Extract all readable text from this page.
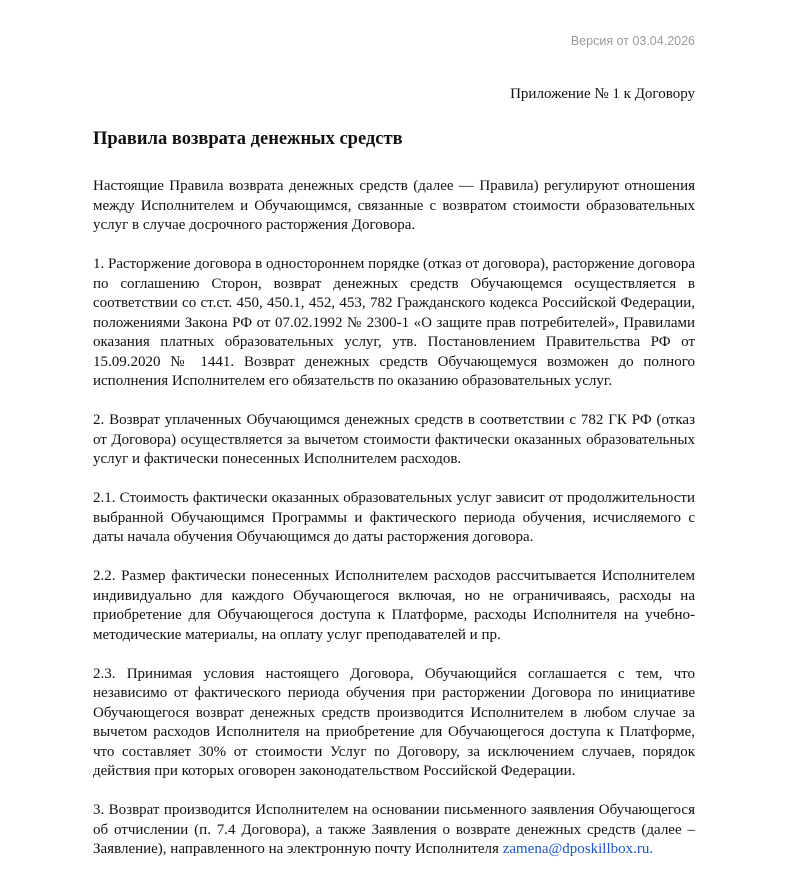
Версия от 03.04.2026

Приложение № 1 к Договору

Правила возврата денежных средств

Настоящие Правила возврата денежных средств (далее — Правила) регулируют отношения между Исполнителем и Обучающимся, связанные с возвратом стоимости образовательных услуг в случае досрочного расторжения Договора.

1. Расторжение договора в одностороннем порядке (отказ от договора), расторжение договора по соглашению Сторон, возврат денежных средств Обучающемся осуществляется в соответствии со ст.ст. 450, 450.1, 452, 453, 782 Гражданского кодекса Российской Федерации, положениями Закона РФ от 07.02.1992 № 2300-1 «О защите прав потребителей», Правилами оказания платных образовательных услуг, утв. Постановлением Правительства РФ от 15.09.2020 № 1441. Возврат денежных средств Обучающемуся возможен до полного исполнения Исполнителем его обязательств по оказанию образовательных услуг.

2. Возврат уплаченных Обучающимся денежных средств в соответствии с 782 ГК РФ (отказ от Договора) осуществляется за вычетом стоимости фактически оказанных образовательных услуг и фактически понесенных Исполнителем расходов.

2.1. Стоимость фактически оказанных образовательных услуг зависит от продолжительности выбранной Обучающимся Программы и фактического периода обучения, исчисляемого с даты начала обучения Обучающимся до даты расторжения договора.

2.2. Размер фактически понесенных Исполнителем расходов рассчитывается Исполнителем индивидуально для каждого Обучающегося включая, но не ограничиваясь, расходы на приобретение для Обучающегося доступа к Платформе, расходы Исполнителя на учебно-методические материалы, на оплату услуг преподавателей и пр.

2.3. Принимая условия настоящего Договора, Обучающийся соглашается с тем, что независимо от фактического периода обучения при расторжении Договора по инициативе Обучающегося возврат денежных средств производится Исполнителем в любом случае за вычетом расходов Исполнителя на приобретение для Обучающегося доступа к Платформе, что составляет 30% от стоимости Услуг по Договору, за исключением случаев, порядок действия при которых оговорен законодательством Российской Федерации.

3. Возврат производится Исполнителем на основании письменного заявления Обучающегося об отчислении (п. 7.4 Договора), а также Заявления о возврате денежных средств (далее – Заявление), направленного на электронную почту Исполнителя zamena@dposkillbox.ru.
